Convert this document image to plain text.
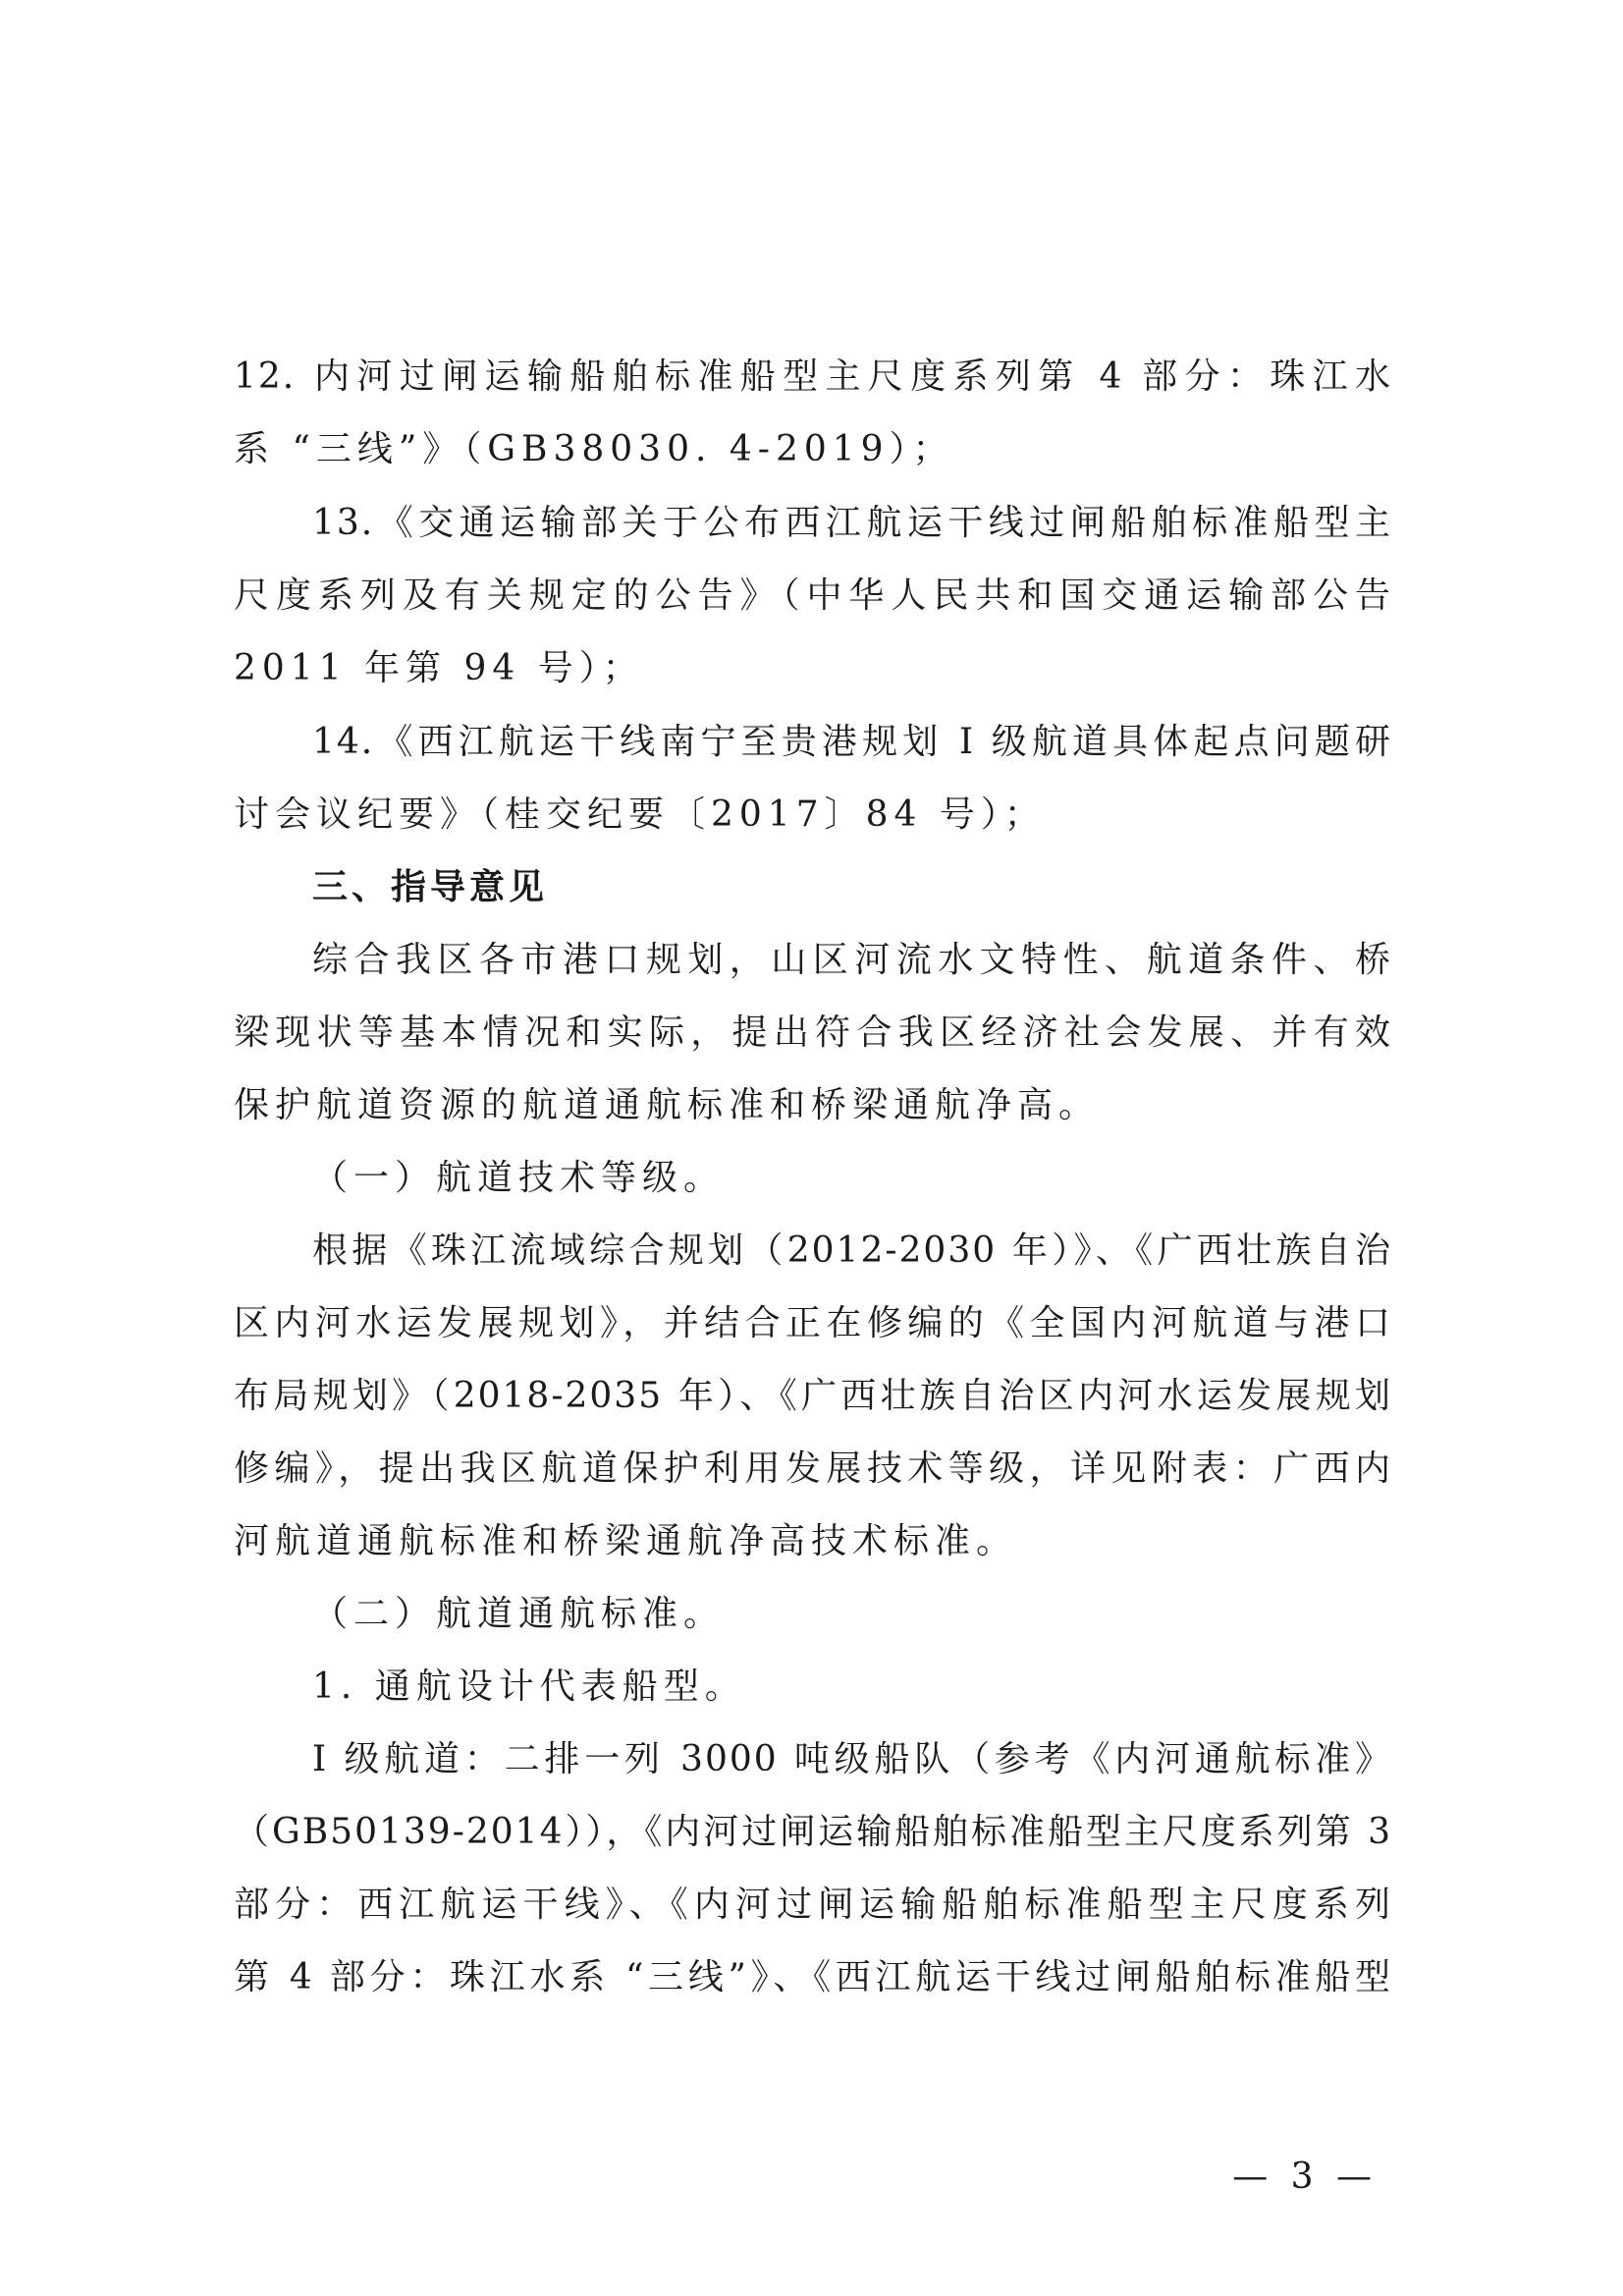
12. 内河过闸运输船舶标准船型主尺度系列第 4 部分：珠江水
系 “三线”》（GB38030. 4-2019）；
13.《交通运输部关于公布西江航运干线过闸船舶标准船型主
尺度系列及有关规定的公告》（中华人民共和国交通运输部公告
2011 年第 94 号）；
14.《西江航运干线南宁至贵港规划 I 级航道具体起点问题研
讨会议纪要》（桂交纪要〔2017〕84 号）；
三、指导意见
综合我区各市港口规划，山区河流水文特性、航道条件、桥
梁现状等基本情况和实际，提出符合我区经济社会发展、并有效
保护航道资源的航道通航标准和桥梁通航净高。
（一）航道技术等级。
根据《珠江流域综合规划（2012-2030 年）》、《广西壮族自治
区内河水运发展规划》，并结合正在修编的《全国内河航道与港口
布局规划》（2018-2035 年）、《广西壮族自治区内河水运发展规划
修编》，提出我区航道保护利用发展技术等级，详见附表：广西内
河航道通航标准和桥梁通航净高技术标准。
（二）航道通航标准。
1. 通航设计代表船型。
I 级航道：二排一列 3000 吨级船队（参考《内河通航标准》
（GB50139-2014）），《内河过闸运输船舶标准船型主尺度系列第 3
部分：西江航运干线》、《内河过闸运输船舶标准船型主尺度系列
第 4 部分：珠江水系 “三线”》、《西江航运干线过闸船舶标准船型
— 3 —
